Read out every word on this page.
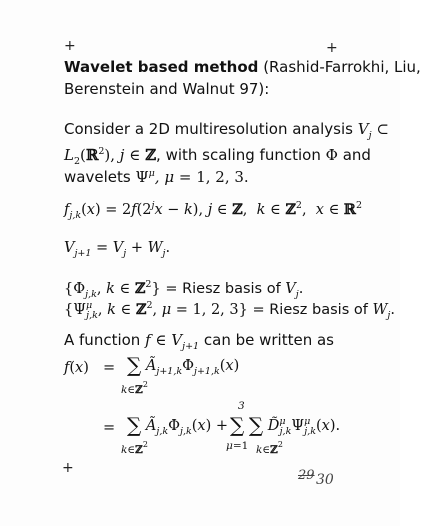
+	+
+
Wavelet based method (Rashid-Farrokhi, Liu,
Berenstein and Walnut 97):
Consider a 2D multiresolution analysis $V_j$ ⊂
$L_2(ℝ^2)$, j ∈ ℤ, with scaling function Φ and
wavelets $\Psi^\mu$, μ = 1, 2, 3.
$f_{j,k}(x) = 2f(2^jx - k)$, j ∈ ℤ,  k ∈ ℤ$^2$,  x ∈ ℝ$^2$
$V_{j+1} = V_j + W_j$.
{$\Phi_{j,k}$, k ∈ ℤ$^2$} = Riesz basis of $V_j$.
{$\Psi^\mu_{j,k}$, k ∈ ℤ$^2$, μ = 1, 2, 3} = Riesz basis of $W_j$.
A function f ∈ $V_{j+1}$ can be written as
f(x) = ∑ $Ã_{j+1,k}\Phi_{j+1,k}(x)$
k∈ℤ$^2$
= ∑ $Ã_{j,k}\Phi_{j,k}(x)$ +
k∈ℤ$^2$
3
∑ ∑ $D̃^\mu_{j,k}\Psi^\mu_{j,k}(x)$.
μ=1 k∈ℤ$^2$
29 30
